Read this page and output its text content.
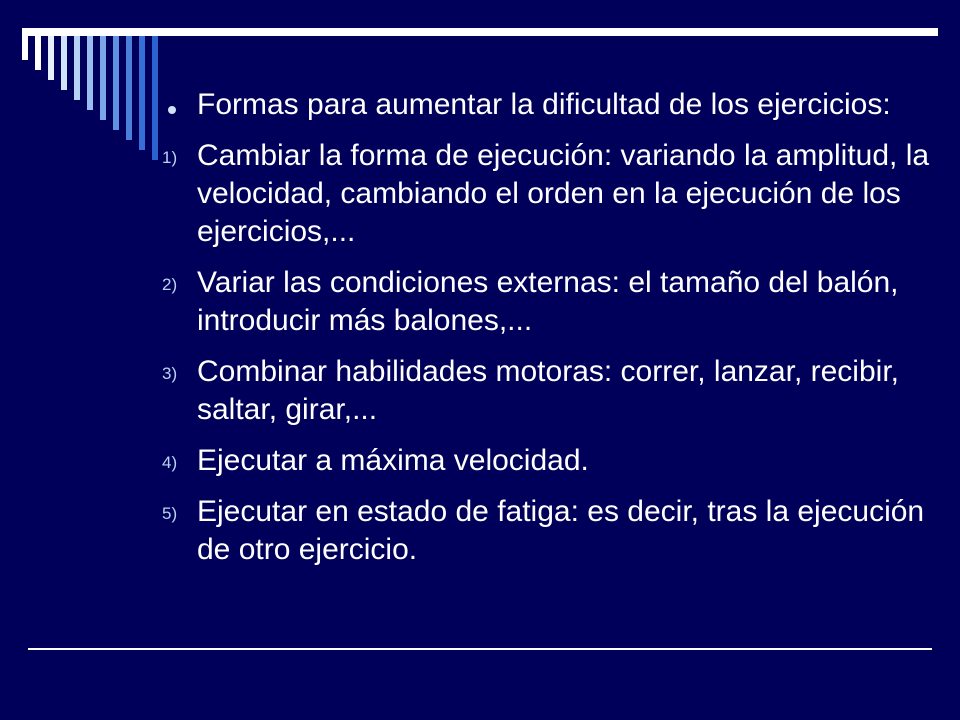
Formas para aumentar la dificultad de los ejercicios:
1) Cambiar la forma de ejecución: variando la amplitud, la velocidad, cambiando el orden en la ejecución de los ejercicios,...
2) Variar las condiciones externas: el tamaño del balón, introducir más balones,...
3) Combinar habilidades motoras: correr, lanzar, recibir, saltar, girar,...
4) Ejecutar a máxima velocidad.
5) Ejecutar en estado de fatiga: es decir, tras la ejecución de otro ejercicio.
